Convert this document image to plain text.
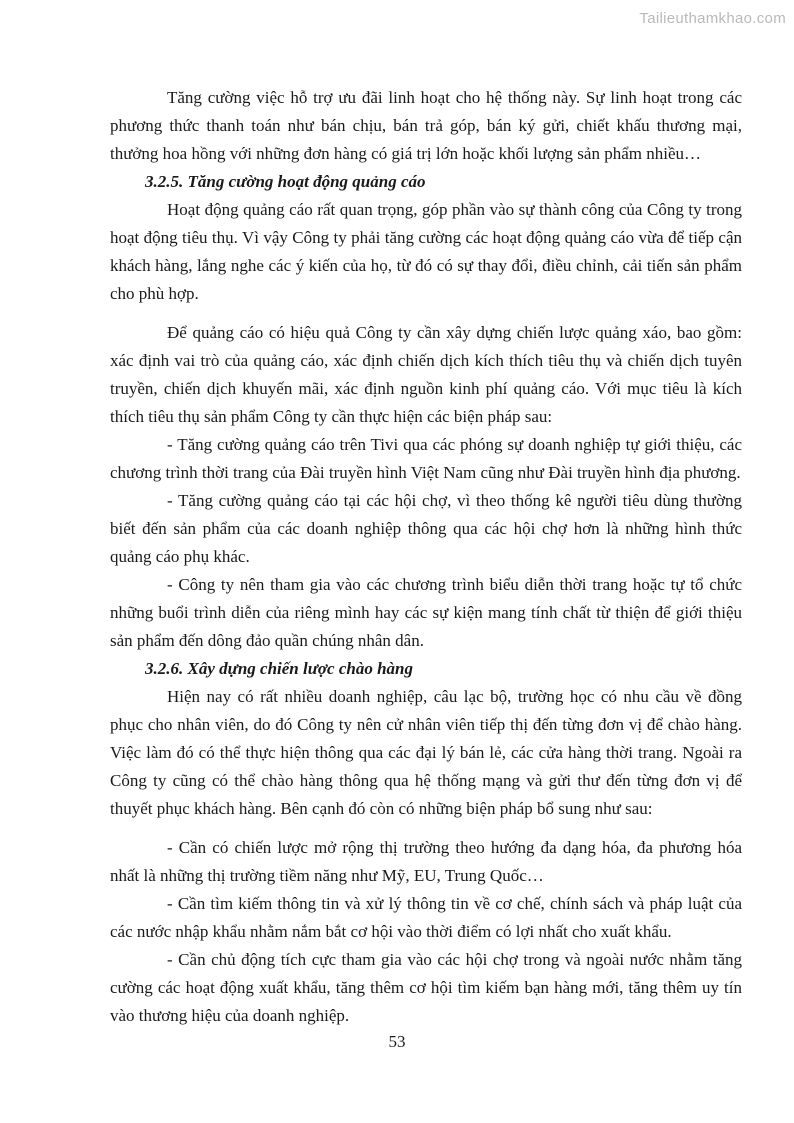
Tailieuthamkhao.com

Tăng cường việc hỗ trợ ưu đãi linh hoạt cho hệ thống này. Sự linh hoạt trong các phương thức thanh toán như bán chịu, bán trả góp, bán ký gửi, chiết khấu thương mại, thưởng hoa hồng với những đơn hàng có giá trị lớn hoặc khối lượng sản phẩm nhiều…

3.2.5. Tăng cường hoạt động quảng cáo

Hoạt động quảng cáo rất quan trọng, góp phần vào sự thành công của Công ty trong hoạt động tiêu thụ. Vì vậy Công ty phải tăng cường các hoạt động quảng cáo vừa để tiếp cận khách hàng, lắng nghe các ý kiến của họ, từ đó có sự thay đổi, điều chỉnh, cải tiến sản phẩm cho phù hợp.

Để quảng cáo có hiệu quả Công ty cần xây dựng chiến lược quảng xáo, bao gồm: xác định vai trò của quảng cáo, xác định chiến dịch kích thích tiêu thụ và chiến dịch tuyên truyền, chiến dịch khuyến mãi, xác định nguồn kinh phí quảng cáo. Với mục tiêu là kích thích tiêu thụ sản phẩm Công ty cần thực hiện các biện pháp sau:

- Tăng cường quảng cáo trên Tivi qua các phóng sự doanh nghiệp tự giới thiệu, các chương trình thời trang của Đài truyền hình Việt Nam cũng như Đài truyền hình địa phương.

- Tăng cường quảng cáo tại các hội chợ, vì theo thống kê người tiêu dùng thường biết đến sản phẩm của các doanh nghiệp thông qua các hội chợ hơn là những hình thức quảng cáo phụ khác.

- Công ty nên tham gia vào các chương trình biểu diễn thời trang hoặc tự tổ chức những buổi trình diễn của riêng mình hay các sự kiện mang tính chất từ thiện để giới thiệu sản phẩm đến dông đảo quần chúng nhân dân.

3.2.6. Xây dựng chiến lược chào hàng

Hiện nay có rất nhiều doanh nghiệp, câu lạc bộ, trường học có nhu cầu về đồng phục cho nhân viên, do đó Công ty nên cử nhân viên tiếp thị đến từng đơn vị để chào hàng. Việc làm đó có thể thực hiện thông qua các đại lý bán lẻ, các cửa hàng thời trang. Ngoài ra Công ty cũng có thể chào hàng thông qua hệ thống mạng và gửi thư đến từng đơn vị để thuyết phục khách hàng. Bên cạnh đó còn có những biện pháp bổ sung như sau:

- Cần có chiến lược mở rộng thị trường theo hướng đa dạng hóa, đa phương hóa nhất là những thị trường tiềm năng như Mỹ, EU, Trung Quốc…

- Cần tìm kiếm thông tin và xử lý thông tin về cơ chế, chính sách và pháp luật của các nước nhập khẩu nhằm nắm bắt cơ hội vào thời điểm có lợi nhất cho xuất khẩu.

- Cần chủ động tích cực tham gia vào các hội chợ trong và ngoài nước nhằm tăng cường các hoạt động xuất khẩu, tăng thêm cơ hội tìm kiếm bạn hàng mới, tăng thêm uy tín vào thương hiệu của doanh nghiệp.

53
